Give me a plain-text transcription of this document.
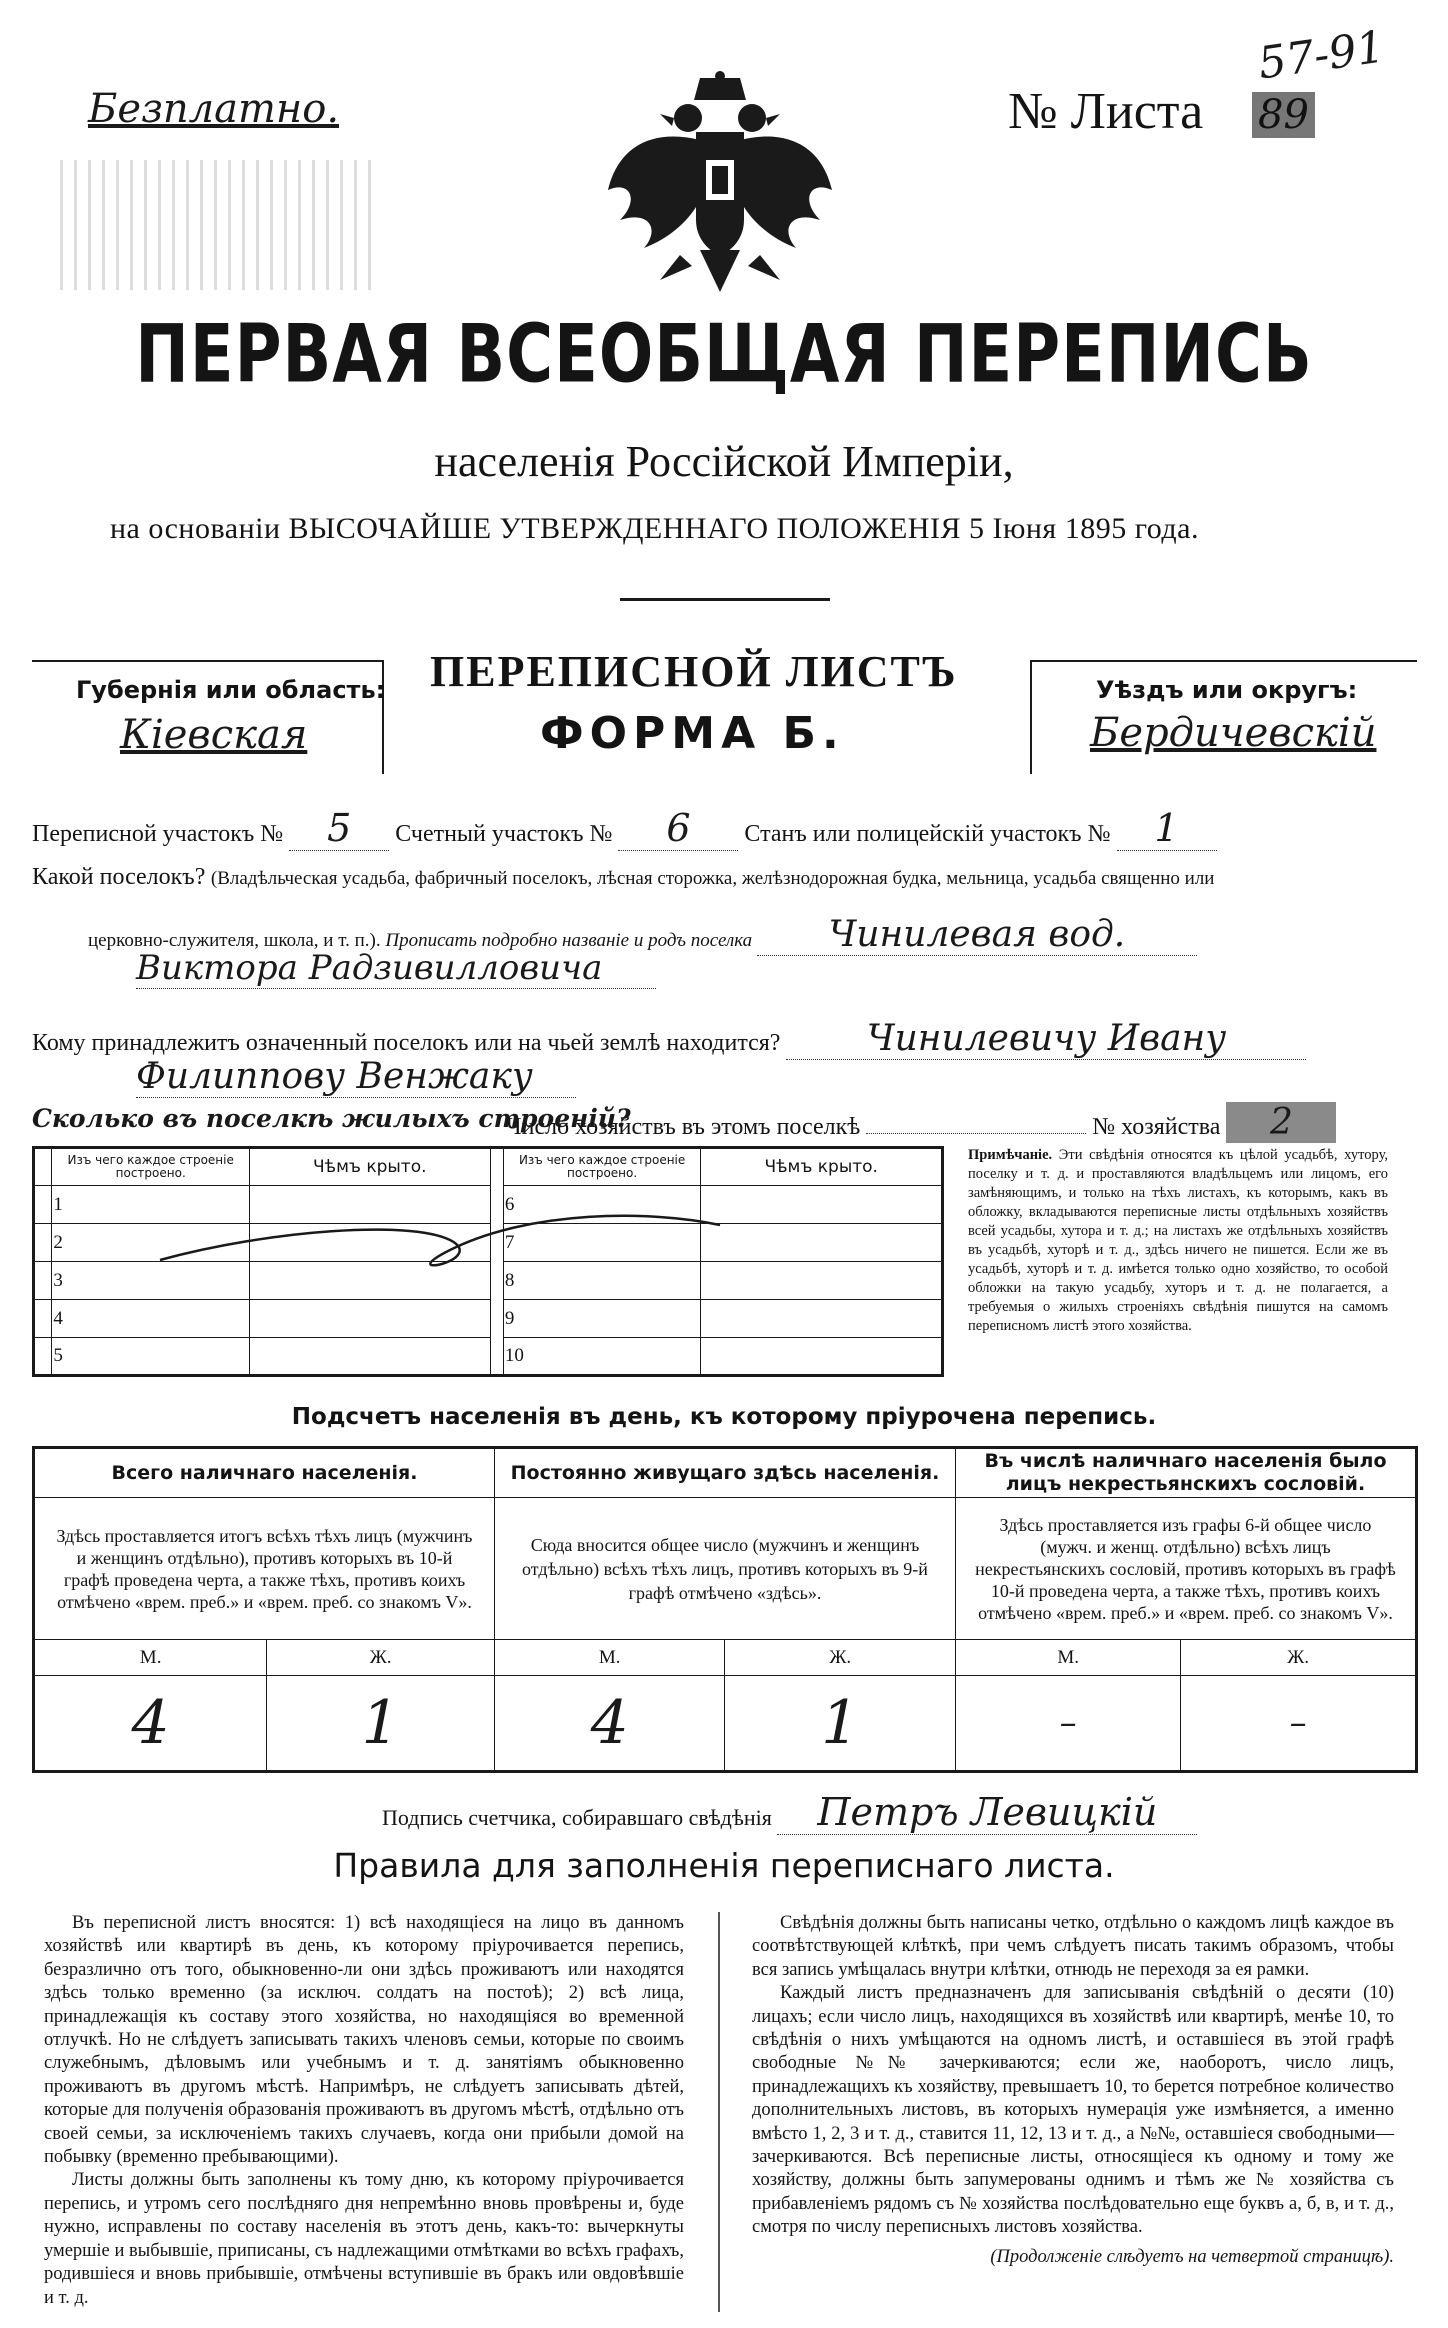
Безплатно.	№ Листа 89
57-91
ПЕРВАЯ ВСЕОБЩАЯ ПЕРЕПИСЬ
населенія Россійской Имперіи,
на основаніи ВЫСОЧАЙШЕ УТВЕРЖДЕННАГО ПОЛОЖЕНІЯ 5 Іюня 1895 года.
Губернія или область:
Кіевская
ПЕРЕПИСНОЙ ЛИСТЪ
ФОРМА Б.
Уѣздъ или округъ:
Бердичевскій
Переписной участокъ № 5 Счетный участокъ № 6 Станъ или полицейскій участокъ № 1
Какой поселокъ? (Владѣльческая усадьба, фабричный поселокъ, лѣсная сторожка, желѣзнодорожная будка, мельница, усадьба священно или
церковно-служителя, школа, и т. п.). Прописать подробно названіе и родъ поселка Чинилевая вод.
Виктора Радзивилловича
Кому принадлежитъ означенный поселокъ или на чьей землѣ находится? Чинилевичу Ивану
Филиппову Венжаку
Число хозяйствъ въ этомъ поселкѣ	№ хозяйства 2
Сколько въ поселкѣ жилыхъ строеній?
	Изъ чего каждое строеніе построено.	Чѣмъ крыто.		Изъ чего каждое строеніе построено.	Чѣмъ крыто.
	1			6	
	2			7	
	3			8	
	4			9	
	5			10	
Примѣчаніе. Эти свѣдѣнія относятся къ цѣлой усадьбѣ, хутору, поселку и т. д. и проставляются владѣльцемъ или лицомъ, его замѣняющимъ, и только на тѣхъ листахъ, къ которымъ, какъ въ обложку, вкладываются переписные листы отдѣльныхъ хозяйствъ всей усадьбы, хутора и т. д.; на листахъ же отдѣльныхъ хозяйствъ въ усадьбѣ, хуторѣ и т. д., здѣсь ничего не пишется. Если же въ усадьбѣ, хуторѣ и т. д. имѣется только одно хозяйство, то особой обложки на такую усадьбу, хуторъ и т. д. не полагается, а требуемыя о жилыхъ строеніяхъ свѣдѣнія пишутся на самомъ переписномъ листѣ этого хозяйства.
Подсчетъ населенія въ день, къ которому пріурочена перепись.
Всего наличнаго населенія.		Постоянно живущаго здѣсь населенія.		Въ числѣ наличнаго населенія было лицъ некрестьянскихъ сословій.	
Здѣсь проставляется итогъ всѣхъ тѣхъ лицъ (мужчинъ и женщинъ отдѣльно), противъ которыхъ въ 10-й графѣ проведена черта, а также тѣхъ, противъ коихъ отмѣчено «врем. преб.» и «врем. преб. со знакомъ V».		Сюда вносится общее число (мужчинъ и женщинъ отдѣльно) всѣхъ тѣхъ лицъ, противъ которыхъ въ 9-й графѣ отмѣчено «здѣсь».		Здѣсь проставляется изъ графы 6-й общее число (мужч. и женщ. отдѣльно) всѣхъ лицъ некрестьянскихъ сословій, противъ которыхъ въ графѣ 10-й проведена черта, а также тѣхъ, противъ коихъ отмѣчено «врем. преб.» и «врем. преб. со знакомъ V».	
М.	Ж.	М.	Ж.	М.	Ж.
4	1	4	1	–	–
Подпись счетчика, собиравшаго свѣдѣнія Петръ Левицкій
Правила для заполненія переписнаго листа.

Въ переписной листъ вносятся: 1) всѣ находящіеся на лицо въ данномъ хозяйствѣ или квартирѣ въ день, къ которому пріурочивается перепись, безразлично отъ того, обыкновенно-ли они здѣсь проживаютъ или находятся здѣсь только временно (за исключ. солдатъ на постоѣ); 2) всѣ лица, принадлежащія къ составу этого хозяйства, но находящіяся во временной отлучкѣ. Но не слѣдуетъ записывать такихъ членовъ семьи, которые по своимъ служебнымъ, дѣловымъ или учебнымъ и т. д. занятіямъ обыкновенно проживаютъ въ другомъ мѣстѣ. Напримѣръ, не слѣдуетъ записывать дѣтей, которые для полученія образованія проживаютъ въ другомъ мѣстѣ, отдѣльно отъ своей семьи, за исключеніемъ такихъ случаевъ, когда они прибыли домой на побывку (временно пребывающими).

Листы должны быть заполнены къ тому дню, къ которому пріурочивается перепись, и утромъ сего послѣдняго дня непремѣнно вновь провѣрены и, буде нужно, исправлены по составу населенія въ этотъ день, какъ-то: вычеркнуты умершіе и выбывшіе, приписаны, съ надлежащими отмѣтками во всѣхъ графахъ, родившіеся и вновь прибывшіе, отмѣчены вступившіе въ бракъ или овдовѣвшіе и т. д.

Свѣдѣнія должны быть написаны четко, отдѣльно о каждомъ лицѣ каждое въ соотвѣтствующей клѣткѣ, при чемъ слѣдуетъ писать такимъ образомъ, чтобы вся запись умѣщалась внутри клѣтки, отнюдь не переходя за ея рамки.

Каждый листъ предназначенъ для записыванія свѣдѣній о десяти (10) лицахъ; если число лицъ, находящихся въ хозяйствѣ или квартирѣ, менѣе 10, то свѣдѣнія о нихъ умѣщаются на одномъ листѣ, и оставшіеся въ этой графѣ свободные №№ зачеркиваются; если же, наоборотъ, число лицъ, принадлежащихъ къ хозяйству, превышаетъ 10, то берется потребное количество дополнительныхъ листовъ, въ которыхъ нумерація уже измѣняется, а именно вмѣсто 1, 2, 3 и т. д., ставится 11, 12, 13 и т. д., а №№, оставшіеся свободными—зачеркиваются. Всѣ переписные листы, относящіеся къ одному и тому же хозяйству, должны быть запумерованы однимъ и тѣмъ же № хозяйства съ прибавленіемъ рядомъ съ № хозяйства послѣдовательно еще буквъ а, б, в, и т. д., смотря по числу переписныхъ листовъ хозяйства.

(Продолженіе слѣдуетъ на четвертой страницѣ).
